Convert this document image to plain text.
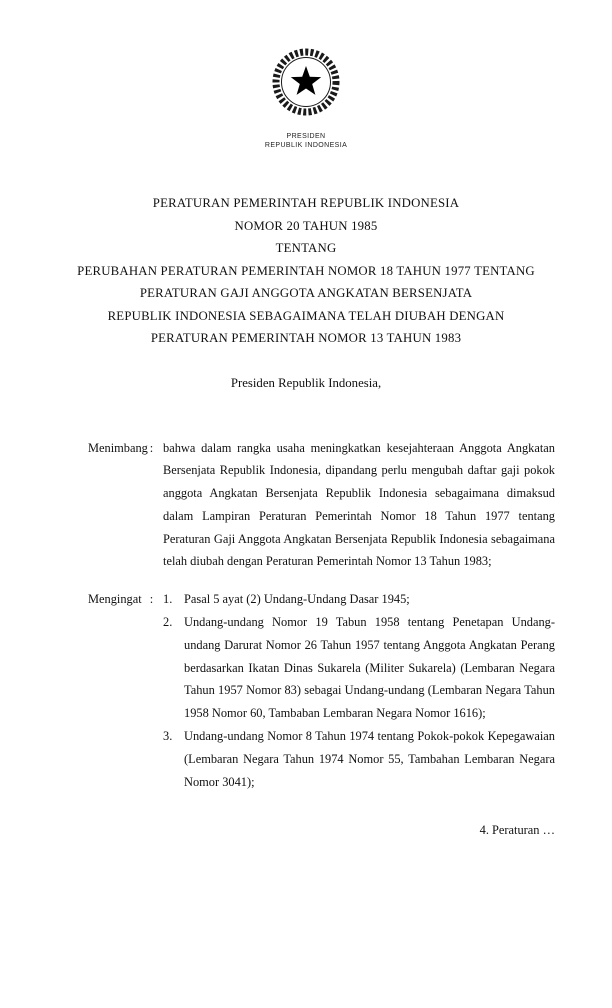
PRESIDEN
REPUBLIK INDONESIA
PERATURAN PEMERINTAH REPUBLIK INDONESIA
NOMOR 20 TAHUN 1985
TENTANG
PERUBAHAN PERATURAN PEMERINTAH NOMOR 18 TAHUN 1977 TENTANG
PERATURAN GAJI ANGGOTA ANGKATAN BERSENJATA
REPUBLIK INDONESIA SEBAGAIMANA TELAH DIUBAH DENGAN
PERATURAN PEMERINTAH NOMOR 13 TAHUN 1983
Presiden Republik Indonesia,
Menimbang : bahwa dalam rangka usaha meningkatkan kesejahteraan Anggota Angkatan Bersenjata Republik Indonesia, dipandang perlu mengubah daftar gaji pokok anggota Angkatan Bersenjata Republik Indonesia sebagaimana dimaksud dalam Lampiran Peraturan Pemerintah Nomor 18 Tahun 1977 tentang Peraturan Gaji Anggota Angkatan Bersenjata Republik Indonesia sebagaimana telah diubah dengan Peraturan Pemerintah Nomor 13 Tahun 1983;
Mengingat : 1. Pasal 5 ayat (2) Undang-Undang Dasar 1945;
2. Undang-undang Nomor 19 Tabun 1958 tentang Penetapan Undang- undang Darurat Nomor 26 Tahun 1957 tentang Anggota Angkatan Perang berdasarkan Ikatan Dinas Sukarela (Militer Sukarela) (Lembaran Negara Tahun 1957 Nomor 83) sebagai Undang-undang (Lembaran Negara Tahun 1958 Nomor 60, Tambaban Lembaran Negara Nomor 1616);
3. Undang-undang Nomor 8 Tahun 1974 tentang Pokok-pokok Kepegawaian (Lembaran Negara Tahun 1974 Nomor 55, Tambahan Lembaran Negara Nomor 3041);
4. Peraturan …
